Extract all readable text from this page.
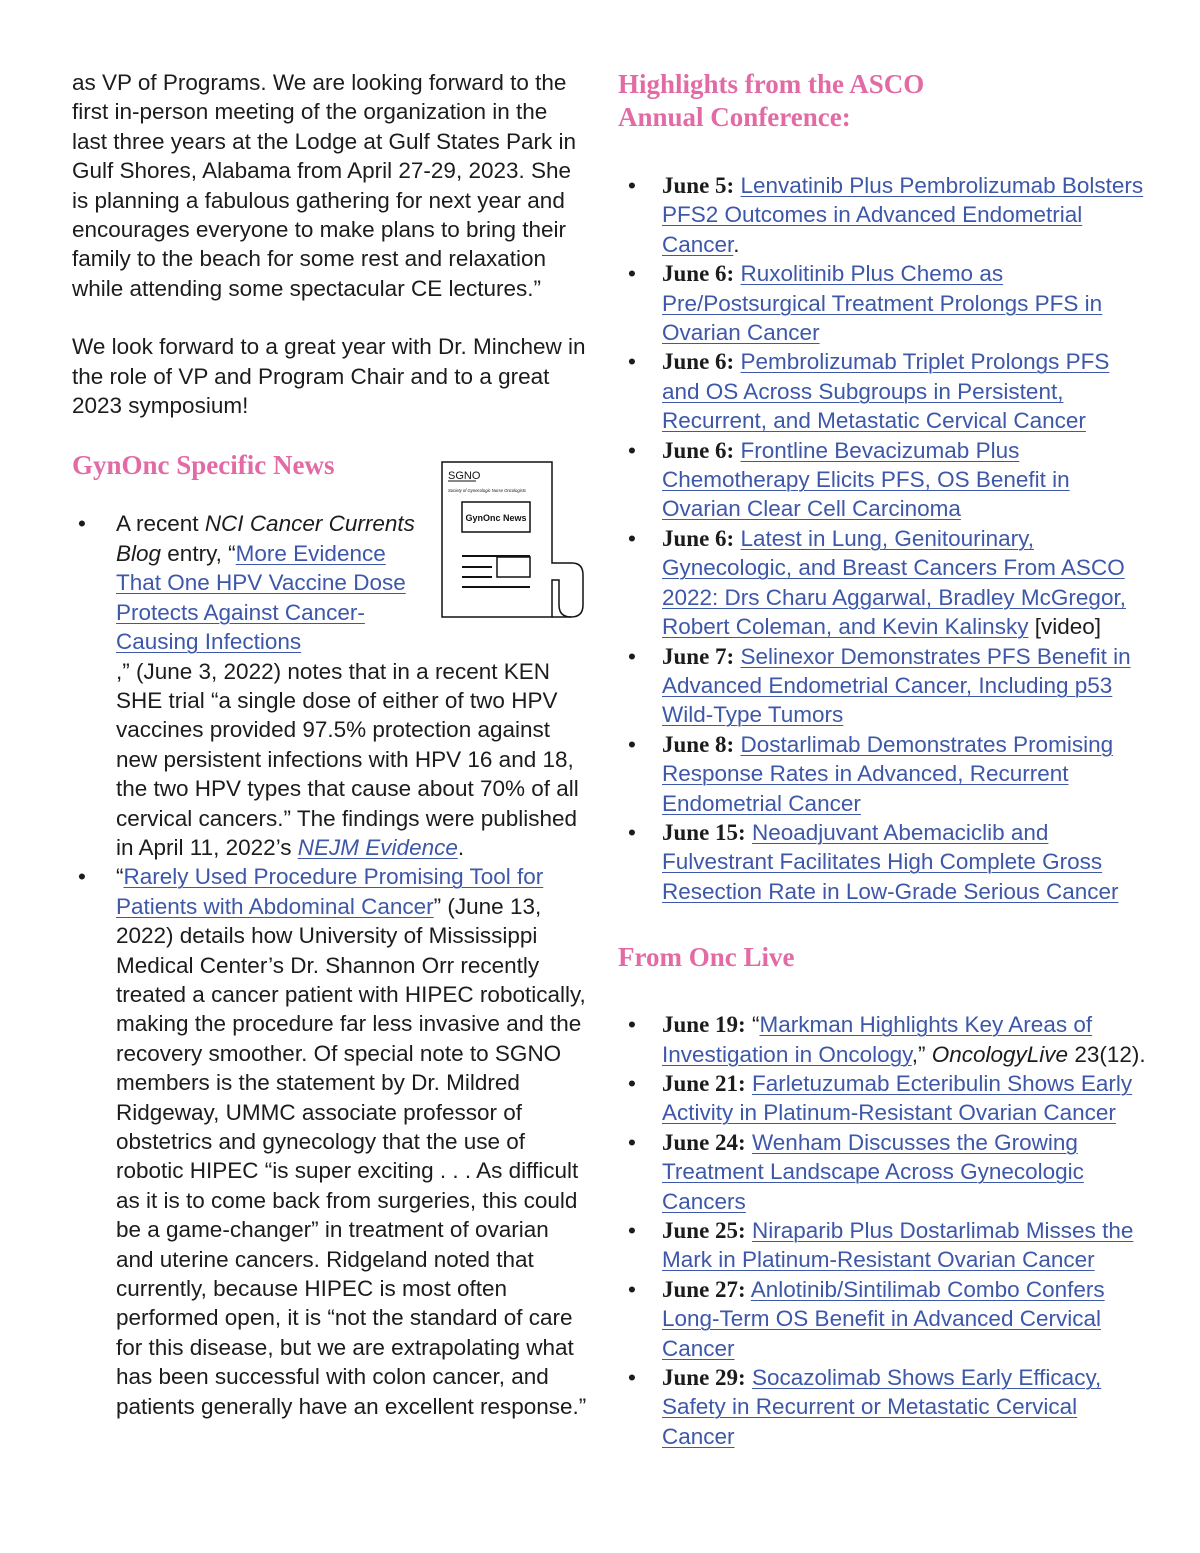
as VP of Programs. We are looking forward to the first in-person meeting of the organization in the last three years at the Lodge at Gulf States Park in Gulf Shores, Alabama from April 27-29, 2023. She is planning a fabulous gathering for next year and encourages everyone to make plans to bring their family to the beach for some rest and relaxation while attending some spectacular CE lectures.”

We look forward to a great year with Dr. Minchew in the role of VP and Program Chair and to a great 2023 symposium!

GynOnc Specific News
• A recent NCI Cancer Currents Blog entry, “More Evidence That One HPV Vaccine Dose Protects Against Cancer-Causing Infections
,” (June 3, 2022) notes that in a recent KEN SHE trial “a single dose of either of two HPV vaccines provided 97.5% protection against new persistent infections with HPV 16 and 18, the two HPV types that cause about 70% of all cervical cancers.” The findings were published in April 11, 2022’s NEJM Evidence.
• “Rarely Used Procedure Promising Tool for Patients with Abdominal Cancer” (June 13, 2022) details how University of Mississippi Medical Center’s Dr. Shannon Orr recently treated a cancer patient with HIPEC robotically, making the procedure far less invasive and the recovery smoother. Of special note to SGNO members is the statement by Dr. Mildred Ridgeway, UMMC associate professor of obstetrics and gynecology that the use of robotic HIPEC “is super exciting . . . As difficult as it is to come back from surgeries, this could be a game-changer” in treatment of ovarian and uterine cancers. Ridgeland noted that currently, because HIPEC is most often performed open, it is “not the standard of care for this disease, but we are extrapolating what has been successful with colon cancer, and patients generally have an excellent response.”
SGNO
Society of Gynecologic Nurse Oncologists
GynOnc News
Highlights from the ASCO
Annual Conference:
• June 5: Lenvatinib Plus Pembrolizumab Bolsters PFS2 Outcomes in Advanced Endometrial Cancer.
• June 6: Ruxolitinib Plus Chemo as Pre/Postsurgical Treatment Prolongs PFS in Ovarian Cancer
• June 6: Pembrolizumab Triplet Prolongs PFS and OS Across Subgroups in Persistent, Recurrent, and Metastatic Cervical Cancer
• June 6: Frontline Bevacizumab Plus Chemotherapy Elicits PFS, OS Benefit in Ovarian Clear Cell Carcinoma
• June 6: Latest in Lung, Genitourinary, Gynecologic, and Breast Cancers From ASCO 2022: Drs Charu Aggarwal, Bradley McGregor, Robert Coleman, and Kevin Kalinsky [video]
• June 7: Selinexor Demonstrates PFS Benefit in Advanced Endometrial Cancer, Including p53 Wild-Type Tumors
• June 8: Dostarlimab Demonstrates Promising Response Rates in Advanced, Recurrent Endometrial Cancer
• June 15: Neoadjuvant Abemaciclib and Fulvestrant Facilitates High Complete Gross Resection Rate in Low-Grade Serious Cancer
From Onc Live
• June 19: “Markman Highlights Key Areas of Investigation in Oncology,” OncologyLive 23(12).
• June 21: Farletuzumab Ecteribulin Shows Early Activity in Platinum-Resistant Ovarian Cancer
• June 24: Wenham Discusses the Growing Treatment Landscape Across Gynecologic Cancers
• June 25: Niraparib Plus Dostarlimab Misses the Mark in Platinum-Resistant Ovarian Cancer
• June 27: Anlotinib/Sintilimab Combo Confers Long-Term OS Benefit in Advanced Cervical Cancer
• June 29: Socazolimab Shows Early Efficacy, Safety in Recurrent or Metastatic Cervical Cancer
